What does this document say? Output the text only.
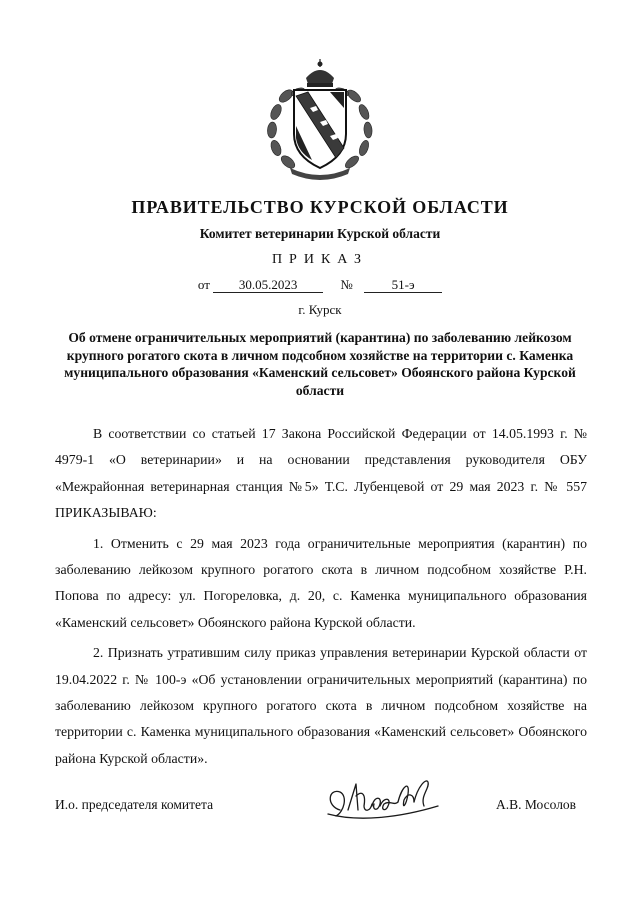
ПРАВИТЕЛЬСТВО КУРСКОЙ ОБЛАСТИ
Комитет ветеринарии Курской области
ПРИКАЗ
от 30.05.2023	№	51-э
г. Курск
Об отмене ограничительных мероприятий (карантина) по заболеванию лейкозом крупного рогатого скота в личном подсобном хозяйстве на территории с. Каменка муниципального образования «Каменский сельсовет» Обоянского района Курской области

В соответствии со статьей 17 Закона Российской Федерации от 14.05.1993 г. № 4979-1 «О ветеринарии» и на основании представления руководителя ОБУ «Межрайонная ветеринарная станция №5» Т.С. Лубенцевой от 29 мая 2023 г. № 557 ПРИКАЗЫВАЮ:

1. Отменить с 29 мая 2023 года ограничительные мероприятия (карантин) по заболеванию лейкозом крупного рогатого скота в личном подсобном хозяйстве Р.Н. Попова по адресу: ул. Погореловка, д. 20, с. Каменка муниципального образования «Каменский сельсовет» Обоянского района Курской области.

2. Признать утратившим силу приказ управления ветеринарии Курской области от 19.04.2022 г. № 100-э «Об установлении ограничительных мероприятий (карантина) по заболеванию лейкозом крупного рогатого скота в личном подсобном хозяйстве на территории с. Каменка муниципального образования «Каменский сельсовет» Обоянского района Курской области».

И.о. председателя комитета	А.В. Мосолов
